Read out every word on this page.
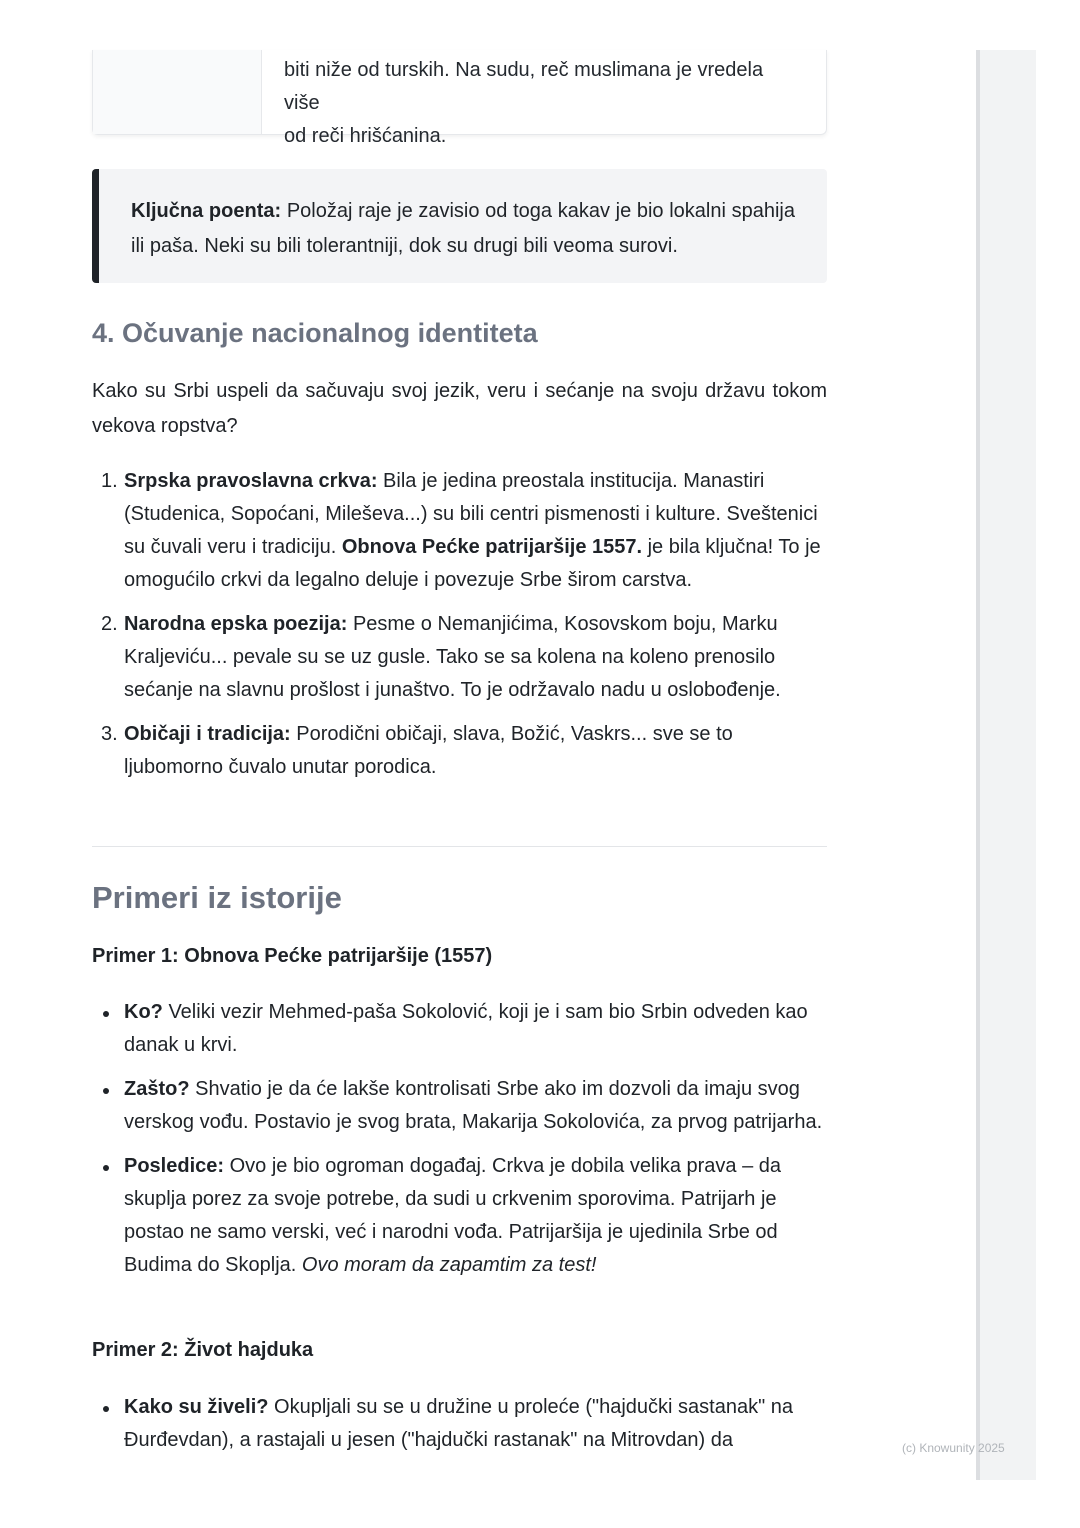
(c) Knowunity 2025
biti niže od turskih. Na sudu, reč muslimana je vredela više
od reči hrišćanina.
Ključna poenta: Položaj raje je zavisio od toga kakav je bio lokalni spahija ili paša. Neki su bili tolerantniji, dok su drugi bili veoma surovi.
4. Očuvanje nacionalnog identiteta

Kako su Srbi uspeli da sačuvaju svoj jezik, veru i sećanje na svoju državu tokom vekova ropstva?

1. Srpska pravoslavna crkva: Bila je jedina preostala institucija. Manastiri (Studenica, Sopoćani, Mileševa...) su bili centri pismenosti i kulture. Sveštenici su čuvali veru i tradiciju. Obnova Pećke patrijaršije 1557. je bila ključna! To je omogućilo crkvi da legalno deluje i povezuje Srbe širom carstva.
2. Narodna epska poezija: Pesme o Nemanjićima, Kosovskom boju, Marku Kraljeviću... pevale su se uz gusle. Tako se sa kolena na koleno prenosilo sećanje na slavnu prošlost i junaštvo. To je održavalo nadu u oslobođenje.
3. Običaji i tradicija: Porodični običaji, slava, Božić, Vaskrs... sve se to ljubomorno čuvalo unutar porodica.
Primeri iz istorije
Primer 1: Obnova Pećke patrijaršije (1557)
Ko? Veliki vezir Mehmed-paša Sokolović, koji je i sam bio Srbin odveden kao danak u krvi.
Zašto? Shvatio je da će lakše kontrolisati Srbe ako im dozvoli da imaju svog verskog vođu. Postavio je svog brata, Makarija Sokolovića, za prvog patrijarha.
Posledice: Ovo je bio ogroman događaj. Crkva je dobila velika prava – da skuplja porez za svoje potrebe, da sudi u crkvenim sporovima. Patrijarh je postao ne samo verski, već i narodni vođa. Patrijaršija je ujedinila Srbe od Budima do Skoplja. Ovo moram da zapamtim za test!
Primer 2: Život hajduka
Kako su živeli? Okupljali su se u družine u proleće ("hajdučki sastanak" na Đurđevdan), a rastajali u jesen ("hajdučki rastanak" na Mitrovdan) da
